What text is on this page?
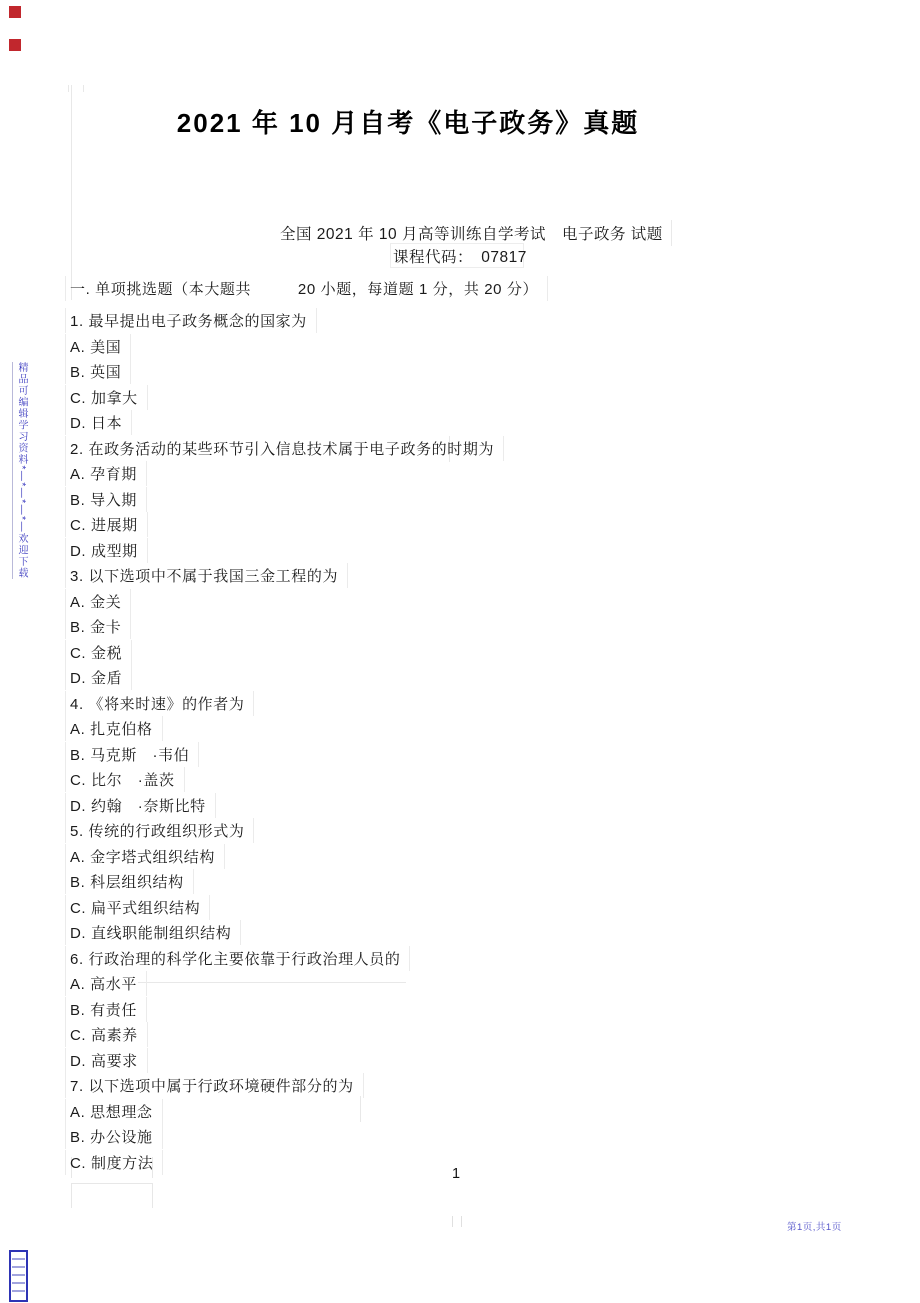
精品可编辑学习资料*—*—*—*—欢迎下载
2021 年 10 月自考《电子政务》真题
全国 2021 年 10 月高等训练自学考试　电子政务 试题
课程代码：　 07817
一. 单项挑选题（本大题共　　　20 小题，每道题 1 分，共 20 分）
1. 最早提出电子政务概念的国家为
A. 美国
B. 英国
C. 加拿大
D. 日本
2. 在政务活动的某些环节引入信息技术属于电子政务的时期为
A. 孕育期
B. 导入期
C. 进展期
D. 成型期
3. 以下选项中不属于我国三金工程的为
A. 金关
B. 金卡
C. 金税
D. 金盾
4. 《将来时速》的作者为
A. 扎克伯格
B. 马克斯　·韦伯
C. 比尔　·盖茨
D. 约翰　·奈斯比特
5. 传统的行政组织形式为
A. 金字塔式组织结构
B. 科层组织结构
C. 扁平式组织结构
D. 直线职能制组织结构
6. 行政治理的科学化主要依靠于行政治理人员的
A. 高水平
B. 有责任
C. 高素养
D. 高要求
7. 以下选项中属于行政环境硬件部分的为
A. 思想理念
B. 办公设施
C. 制度方法
1
第1页,共1页
